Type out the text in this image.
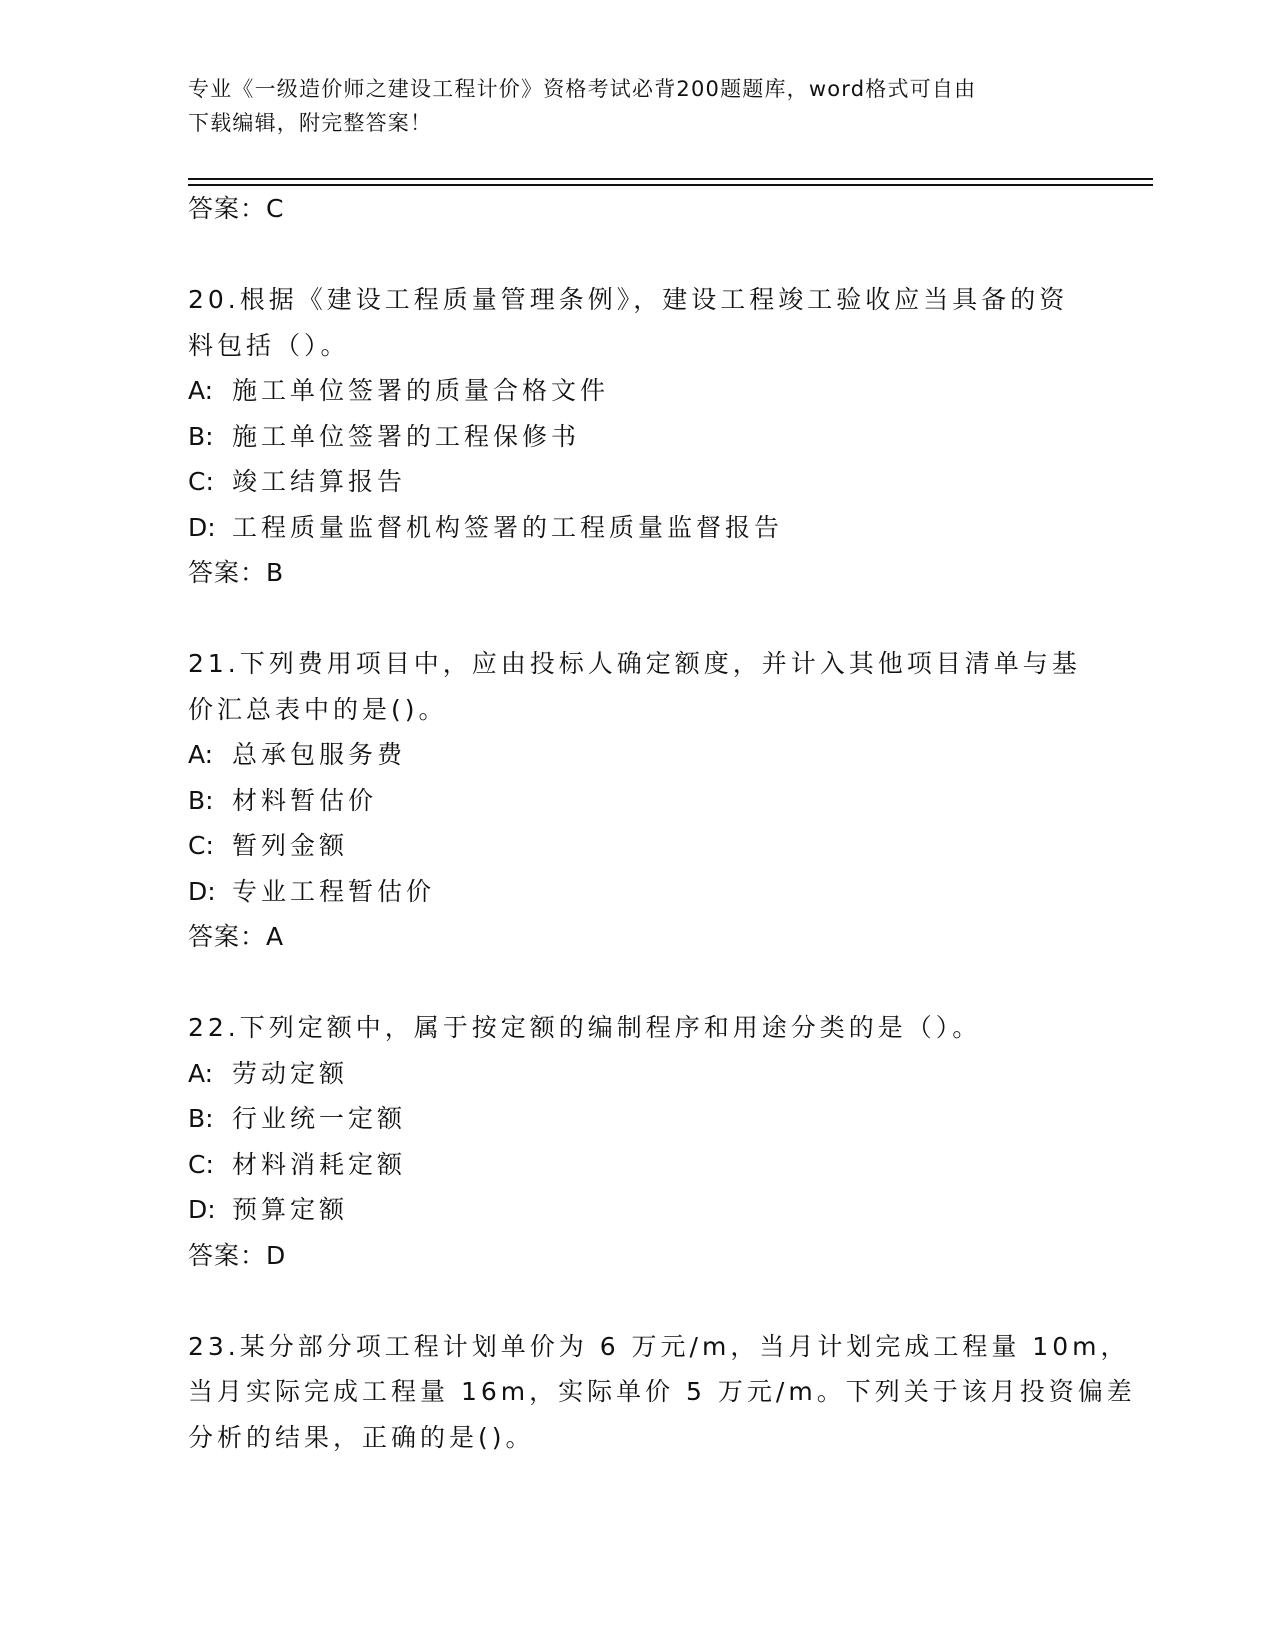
专业《一级造价师之建设工程计价》资格考试必背200题题库，word格式可自由
下载编辑，附完整答案！
答案：C
20.根据《建设工程质量管理条例》，建设工程竣工验收应当具备的资
料包括（）。
A: 施工单位签署的质量合格文件
B: 施工单位签署的工程保修书
C: 竣工结算报告
D: 工程质量监督机构签署的工程质量监督报告
答案：B
21.下列费用项目中，应由投标人确定额度，并计入其他项目清单与基
价汇总表中的是()。
A: 总承包服务费
B: 材料暂估价
C: 暂列金额
D: 专业工程暂估价
答案：A
22.下列定额中，属于按定额的编制程序和用途分类的是（）。
A: 劳动定额
B: 行业统一定额
C: 材料消耗定额
D: 预算定额
答案：D
23.某分部分项工程计划单价为 6 万元/m，当月计划完成工程量 10m，
当月实际完成工程量 16m，实际单价 5 万元/m。下列关于该月投资偏差
分析的结果，正确的是()。
